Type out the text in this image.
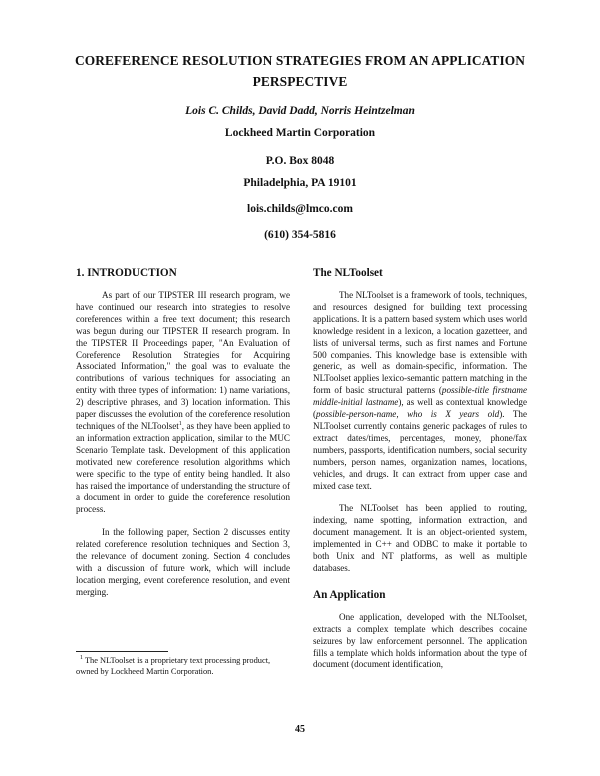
COREFERENCE RESOLUTION STRATEGIES FROM AN APPLICATION
PERSPECTIVE
Lois C. Childs, David Dadd, Norris Heintzelman
Lockheed Martin Corporation
P.O. Box 8048
Philadelphia, PA 19101
lois.childs@lmco.com
(610) 354-5816
1. INTRODUCTION

As part of our TIPSTER III research program, we have continued our research into strategies to resolve coreferences within a free text document; this research was begun during our TIPSTER II research program. In the TIPSTER II Proceedings paper, "An Evaluation of Coreference Resolution Strategies for Acquiring Associated Information," the goal was to evaluate the contributions of various techniques for associating an entity with three types of information: 1) name variations, 2) descriptive phrases, and 3) location information. This paper discusses the evolution of the coreference resolution techniques of the NLToolset$^1$, as they have been applied to an information extraction application, similar to the MUC Scenario Template task. Development of this application motivated new coreference resolution algorithms which were specific to the type of entity being handled. It also has raised the importance of understanding the structure of a document in order to guide the coreference resolution process.

In the following paper, Section 2 discusses entity related coreference resolution techniques and Section 3, the relevance of document zoning. Section 4 concludes with a discussion of future work, which will include location merging, event coreference resolution, and event merging.

$^1$ The NLToolset is a proprietary text processing product, owned by Lockheed Martin Corporation.
The NLToolset

The NLToolset is a framework of tools, techniques, and resources designed for building text processing applications. It is a pattern based system which uses world knowledge resident in a lexicon, a location gazetteer, and lists of universal terms, such as first names and Fortune 500 companies. This knowledge base is extensible with generic, as well as domain-specific, information. The NLToolset applies lexico-semantic pattern matching in the form of basic structural patterns (possible-title firstname middle-initial lastname), as well as contextual knowledge (possible-person-name, who is X years old). The NLToolset currently contains generic packages of rules to extract dates/times, percentages, money, phone/fax numbers, passports, identification numbers, social security numbers, person names, organization names, locations, vehicles, and drugs. It can extract from upper case and mixed case text.

The NLToolset has been applied to routing, indexing, name spotting, information extraction, and document management. It is an object-oriented system, implemented in C++ and ODBC to make it portable to both Unix and NT platforms, as well as multiple databases.

An Application

One application, developed with the NLToolset, extracts a complex template which describes cocaine seizures by law enforcement personnel. The application fills a template which holds information about the type of document (document identification,

45
